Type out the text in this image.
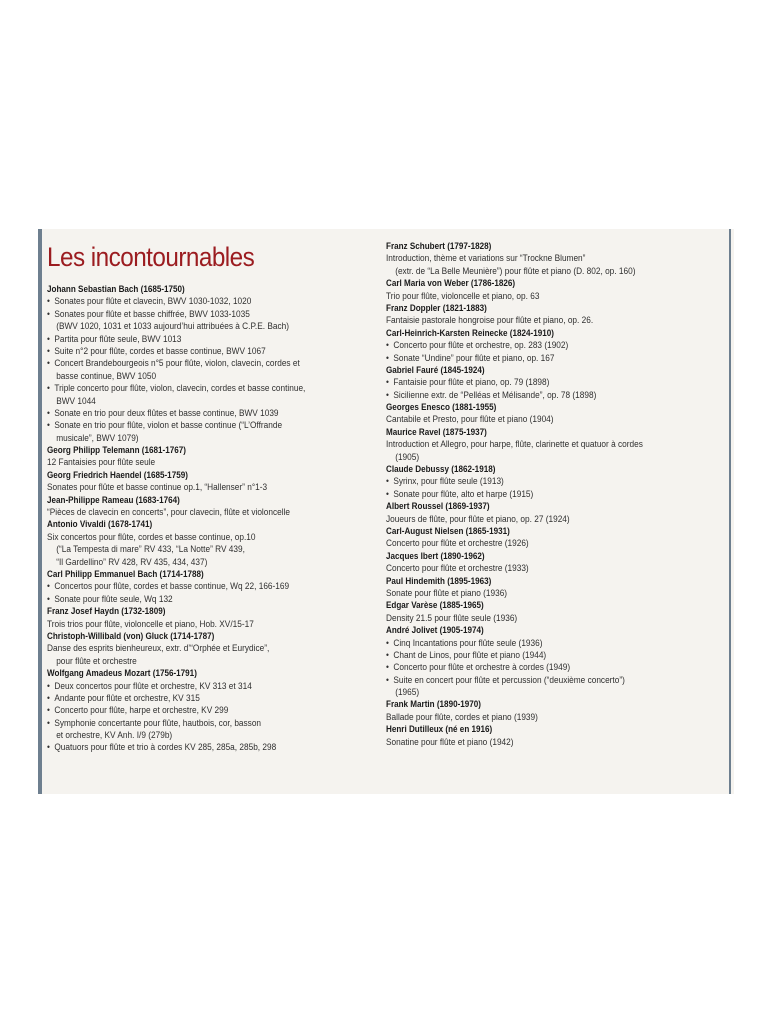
Les incontournables
Johann Sebastian Bach (1685-1750)
• Sonates pour flûte et clavecin, BWV 1030-1032, 1020
• Sonates pour flûte et basse chiffrée, BWV 1033-1035
(BWV 1020, 1031 et 1033 aujourd’hui attribuées à C.P.E. Bach)
• Partita pour flûte seule, BWV 1013
• Suite n°2 pour flûte, cordes et basse continue, BWV 1067
• Concert Brandebourgeois n°5 pour flûte, violon, clavecin, cordes et
basse continue, BWV 1050
• Triple concerto pour flûte, violon, clavecin, cordes et basse continue,
BWV 1044
• Sonate en trio pour deux flûtes et basse continue, BWV 1039
• Sonate en trio pour flûte, violon et basse continue (“L’Offrande
musicale”, BWV 1079)
Georg Philipp Telemann (1681-1767)
12 Fantaisies pour flûte seule
Georg Friedrich Haendel (1685-1759)
Sonates pour flûte et basse continue op.1, “Hallenser” n°1-3
Jean-Philippe Rameau (1683-1764)
“Pièces de clavecin en concerts”, pour clavecin, flûte et violoncelle
Antonio Vivaldi (1678-1741)
Six concertos pour flûte, cordes et basse continue, op.10
(“La Tempesta di mare” RV 433, “La Notte” RV 439,
“Il Gardellino” RV 428, RV 435, 434, 437)
Carl Philipp Emmanuel Bach (1714-1788)
• Concertos pour flûte, cordes et basse continue, Wq 22, 166-169
• Sonate pour flûte seule, Wq 132
Franz Josef Haydn (1732-1809)
Trois trios pour flûte, violoncelle et piano, Hob. XV/15-17
Christoph-Willibald (von) Gluck (1714-1787)
Danse des esprits bienheureux, extr. d’“Orphée et Eurydice”,
pour flûte et orchestre
Wolfgang Amadeus Mozart (1756-1791)
• Deux concertos pour flûte et orchestre, KV 313 et 314
• Andante pour flûte et orchestre, KV 315
• Concerto pour flûte, harpe et orchestre, KV 299
• Symphonie concertante pour flûte, hautbois, cor, basson
et orchestre, KV Anh. I/9 (279b)
• Quatuors pour flûte et trio à cordes KV 285, 285a, 285b, 298
Franz Schubert (1797-1828)
Introduction, thème et variations sur “Trockne Blumen”
(extr. de “La Belle Meunière”) pour flûte et piano (D. 802, op. 160)
Carl Maria von Weber (1786-1826)
Trio pour flûte, violoncelle et piano, op. 63
Franz Doppler (1821-1883)
Fantaisie pastorale hongroise pour flûte et piano, op. 26.
Carl-Heinrich-Karsten Reinecke (1824-1910)
• Concerto pour flûte et orchestre, op. 283 (1902)
• Sonate “Undine” pour flûte et piano, op. 167
Gabriel Fauré (1845-1924)
• Fantaisie pour flûte et piano, op. 79 (1898)
• Sicilienne extr. de “Pelléas et Mélisande”, op. 78 (1898)
Georges Enesco (1881-1955)
Cantabile et Presto, pour flûte et piano (1904)
Maurice Ravel (1875-1937)
Introduction et Allegro, pour harpe, flûte, clarinette et quatuor à cordes
(1905)
Claude Debussy (1862-1918)
• Syrinx, pour flûte seule (1913)
• Sonate pour flûte, alto et harpe (1915)
Albert Roussel (1869-1937)
Joueurs de flûte, pour flûte et piano, op. 27 (1924)
Carl-August Nielsen (1865-1931)
Concerto pour flûte et orchestre (1926)
Jacques Ibert (1890-1962)
Concerto pour flûte et orchestre (1933)
Paul Hindemith (1895-1963)
Sonate pour flûte et piano (1936)
Edgar Varèse (1885-1965)
Density 21.5 pour flûte seule (1936)
André Jolivet (1905-1974)
• Cinq Incantations pour flûte seule (1936)
• Chant de Linos, pour flûte et piano (1944)
• Concerto pour flûte et orchestre à cordes (1949)
• Suite en concert pour flûte et percussion (“deuxième concerto”)
(1965)
Frank Martin (1890-1970)
Ballade pour flûte, cordes et piano (1939)
Henri Dutilleux (né en 1916)
Sonatine pour flûte et piano (1942)
